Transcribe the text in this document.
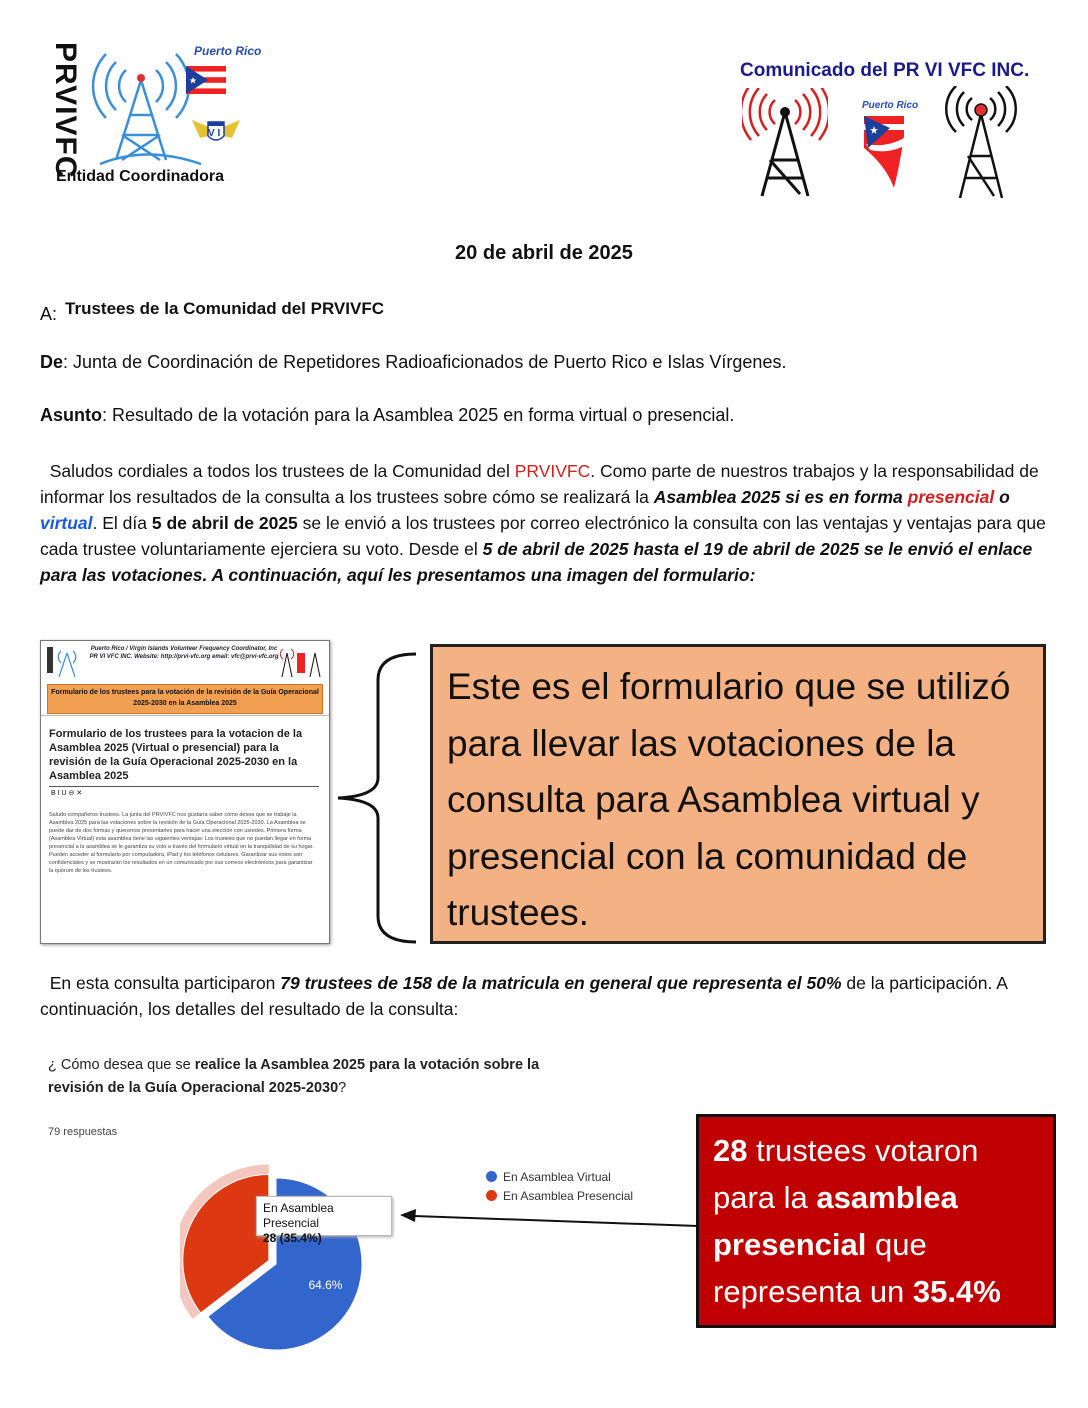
PRVIVFC	Puerto Rico
V I
Entidad Coordinadora
Comunicado del PR VI VFC INC.
Puerto Rico
20 de abril de 2025
A: Trustees de la Comunidad del PRVIVFC
De: Junta de Coordinación de Repetidores Radioaficionados de Puerto Rico e Islas Vírgenes.
Asunto: Resultado de la votación para la Asamblea 2025 en forma virtual o presencial.
Saludos cordiales a todos los trustees de la Comunidad del PRVIVFC. Como parte de nuestros trabajos y la responsabilidad de informar los resultados de la consulta a los trustees sobre cómo se realizará la Asamblea 2025 si es en forma presencial o virtual. El día 5 de abril de 2025 se le envió a los trustees por correo electrónico la consulta con las ventajas y ventajas para que cada trustee voluntariamente ejerciera su voto. Desde el 5 de abril de 2025 hasta el 19 de abril de 2025 se le envió el enlace para las votaciones. A continuación, aquí les presentamos una imagen del formulario:
Puerto Rico / Virgin Islands Volunteer Frequency Coordinator, Inc PR VI VFC INC. Website: http://prvi-vfc.org email: vfc@prvi-vfc.org
Formulario de los trustees para la votación de la revisión de la Guía Operacional 2025-2030 en la Asamblea 2025
Formulario de los trustees para la votacion de la Asamblea 2025 (Virtual o presencial) para la revisión de la Guía Operacional 2025-2030 en la Asamblea 2025
B I U ⊖ ✕
Saludo compañeros trustees. La junta del PRVIVFC nos gustaría saber cómo desea que se trabaje la Asamblea 2025 para las votaciones sobre la revisión de la Guía Operacional 2025-2030. La Asamblea se puede dar de dos formas y queremos presentarles para hacer una elección con ustedes. Primera forma (Asamblea Virtual) esta asamblea tiene las siguientes ventajas: Los trustees que no puedan llegar en forma presencial a la asamblea se le garantiza su voto a través del formulario virtual en la tranquilidad de su hogar. Pueden acceder al formulario por computadora, iPad y los teléfonos celulares. Garantizar sus votos son confidenciales y se mostrarán los resultados en un comunicado por sus correos electrónicos para garantizar la quórum de los trustees.
Este es el formulario que se utilizó para llevar las votaciones de la consulta para Asamblea virtual y presencial con la comunidad de trustees.
En esta consulta participaron 79 trustees de 158 de la matricula en general que representa el 50% de la participación. A continuación, los detalles del resultado de la consulta:
¿ Cómo desea que se realice la Asamblea 2025 para la votación sobre la revisión de la Guía Operacional 2025-2030?
79 respuestas
64.6%
En Asamblea Virtual
En Asamblea Presencial
En Asamblea Presencial
28 (35.4%)
28 trustees votaron para la asamblea presencial que representa un 35.4%
